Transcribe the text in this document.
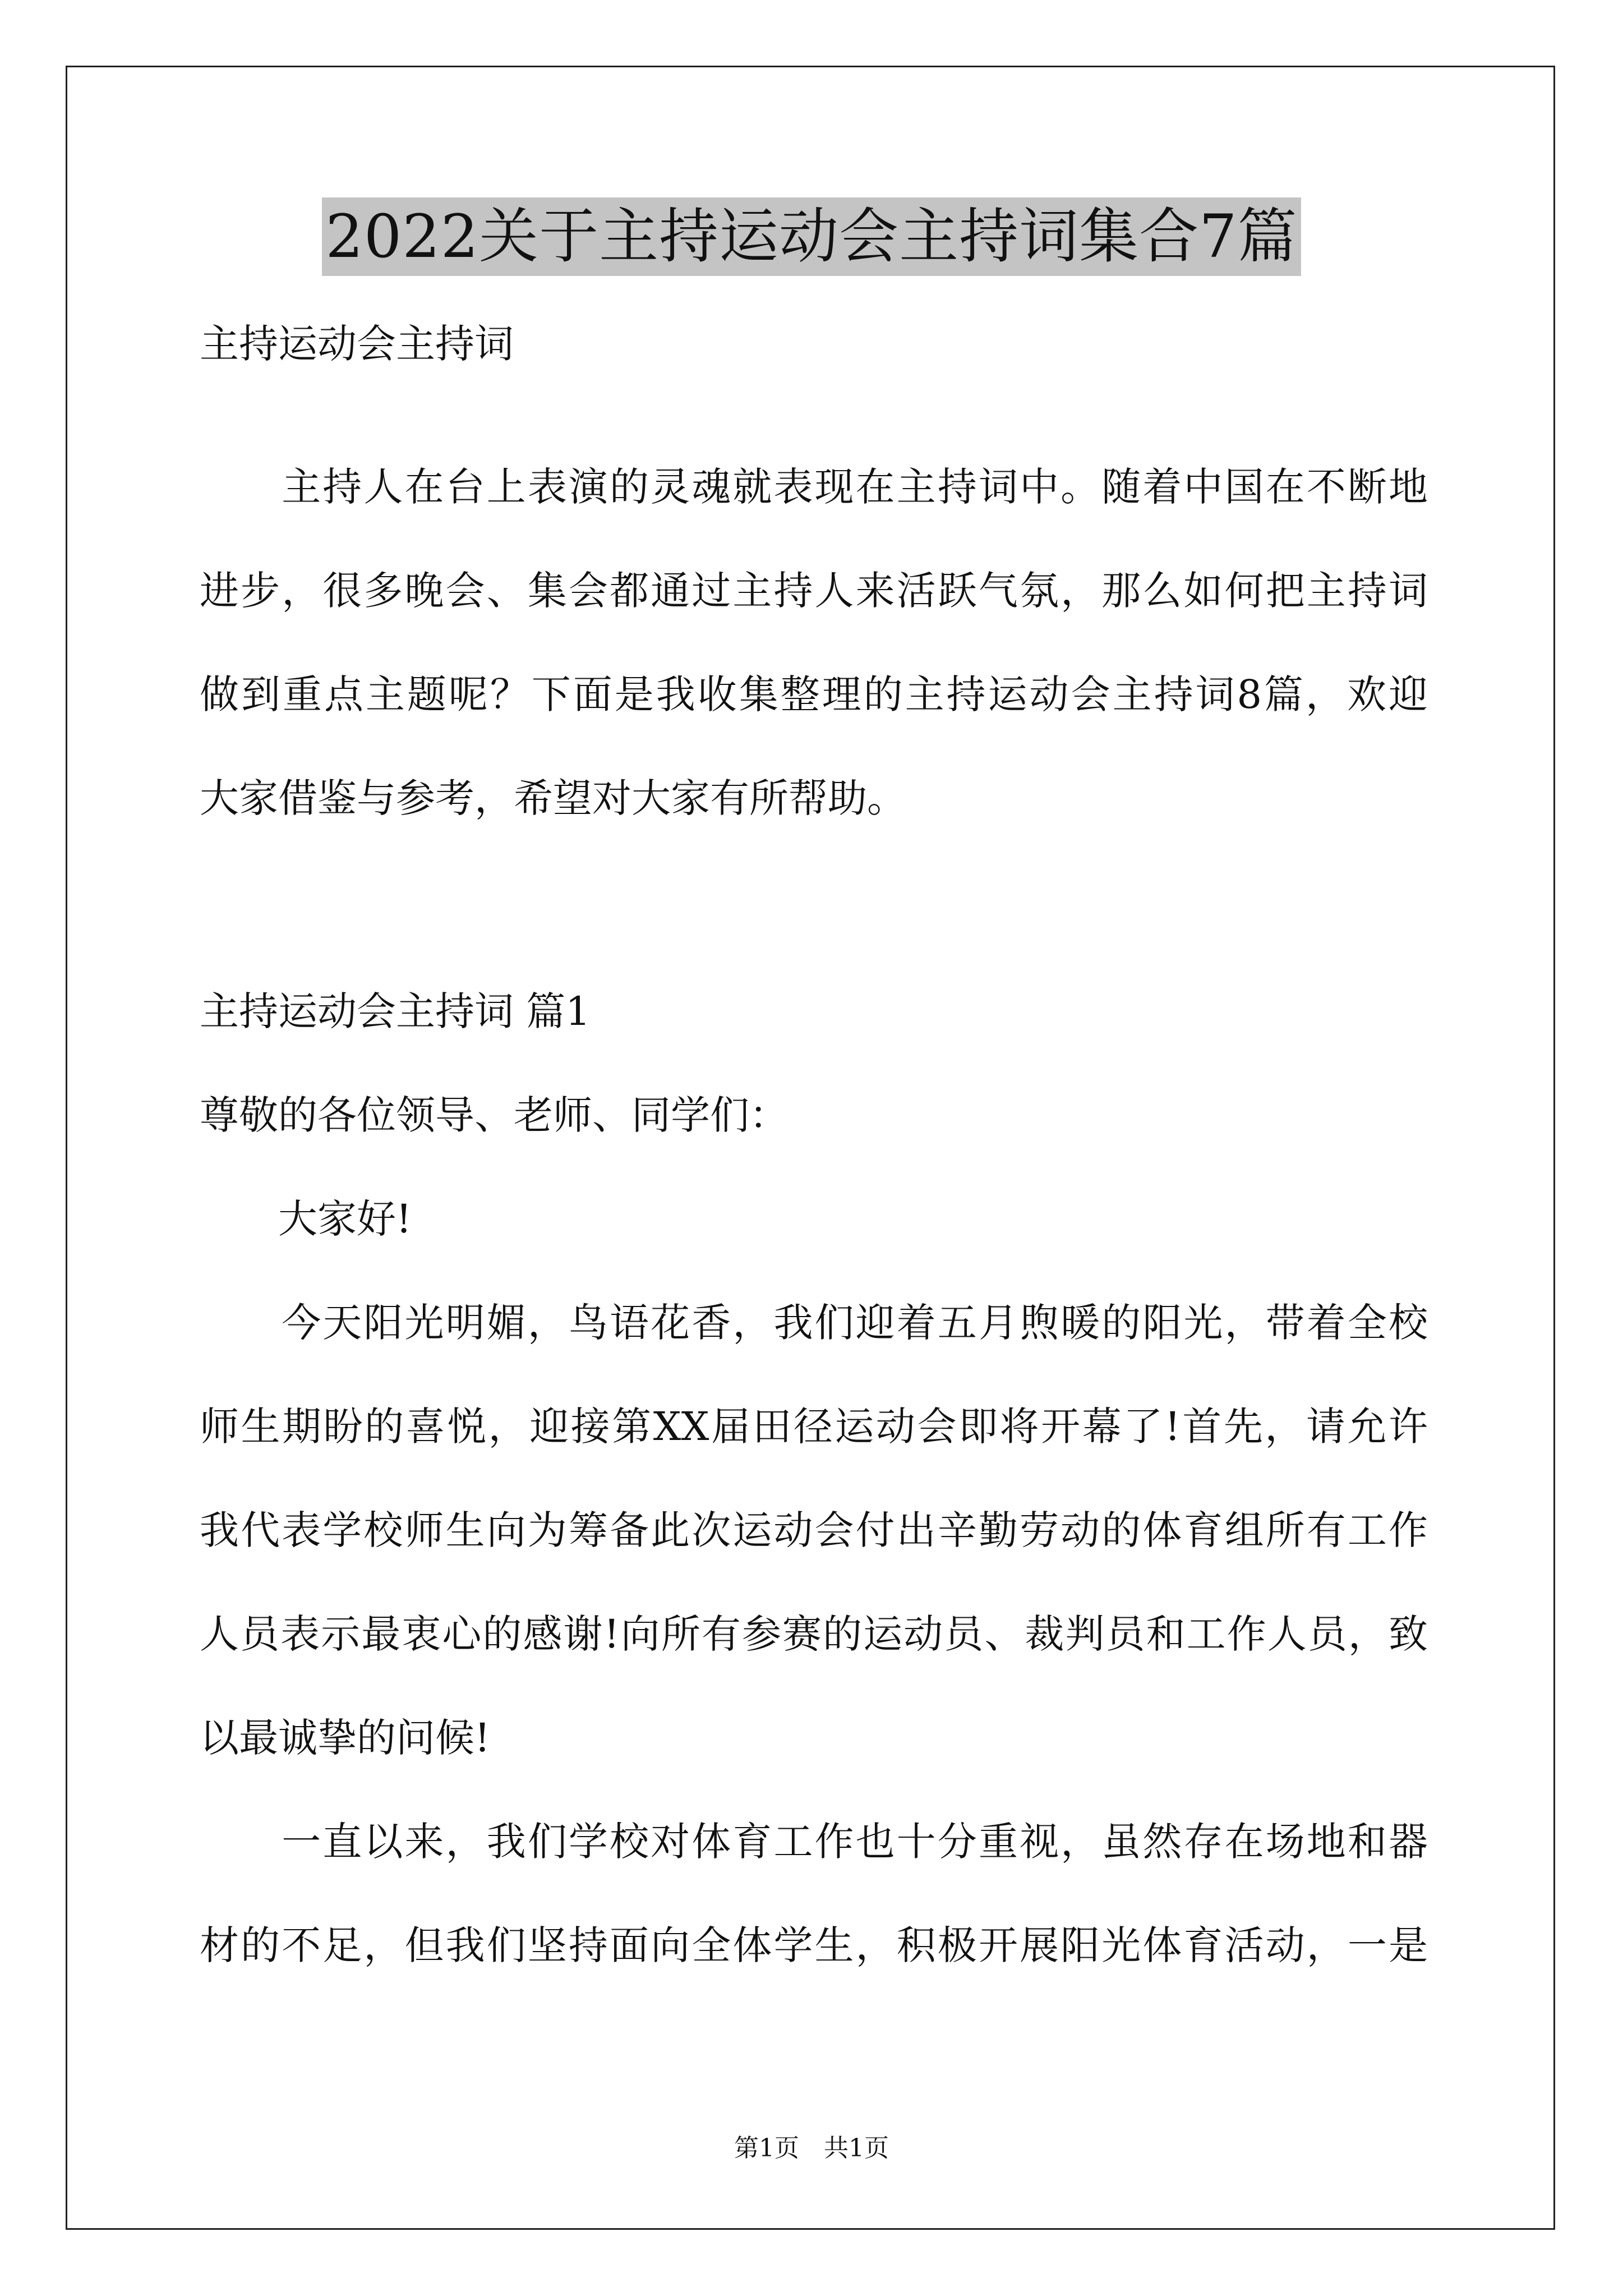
2022关于主持运动会主持词集合7篇
主持运动会主持词
　　主持人在台上表演的灵魂就表现在主持词中。随着中国在不断地
进步，很多晚会、集会都通过主持人来活跃气氛，那么如何把主持词
做到重点主题呢？下面是我收集整理的主持运动会主持词8篇，欢迎
大家借鉴与参考，希望对大家有所帮助。
主持运动会主持词 篇1
尊敬的各位领导、老师、同学们：
　　大家好!
　　今天阳光明媚，鸟语花香，我们迎着五月煦暖的阳光，带着全校
师生期盼的喜悦，迎接第XX届田径运动会即将开幕了!首先，请允许
我代表学校师生向为筹备此次运动会付出辛勤劳动的体育组所有工作
人员表示最衷心的感谢!向所有参赛的运动员、裁判员和工作人员，致
以最诚挚的问候!
　　一直以来，我们学校对体育工作也十分重视，虽然存在场地和器
材的不足，但我们坚持面向全体学生，积极开展阳光体育活动，一是
第1页 共1页
